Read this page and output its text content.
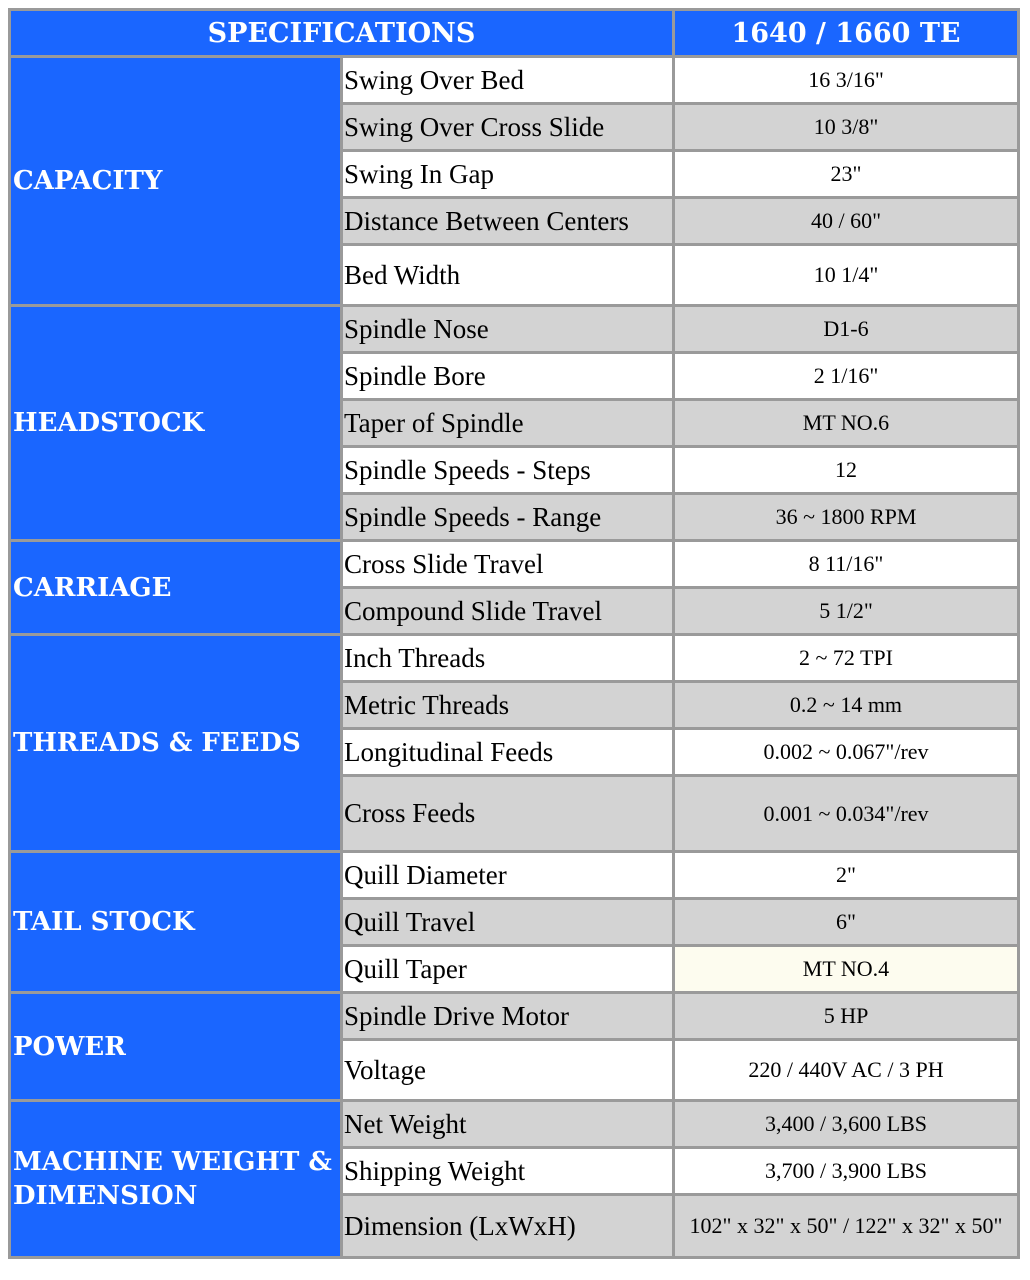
SPECIFICATIONS		1640 / 1660 TE
CAPACITY	Swing Over Bed	16 3/16"
	Swing Over Cross Slide	10 3/8"
	Swing In Gap	23"
	Distance Between Centers	40 / 60"
	Bed Width	10 1/4"
HEADSTOCK	Spindle Nose	D1-6
	Spindle Bore	2 1/16"
	Taper of Spindle	MT NO.6
	Spindle Speeds - Steps	12
	Spindle Speeds - Range	36 ~ 1800 RPM
CARRIAGE	Cross Slide Travel	8 11/16"
	Compound Slide Travel	5 1/2"
THREADS & FEEDS	Inch Threads	2 ~ 72 TPI
	Metric Threads	0.2 ~ 14 mm
	Longitudinal Feeds	0.002 ~ 0.067"/rev
	Cross Feeds	0.001 ~ 0.034"/rev
TAIL STOCK	Quill Diameter	2"
	Quill Travel	6"
	Quill Taper	MT NO.4
POWER	Spindle Drive Motor	5 HP
	Voltage	220 / 440V AC / 3 PH
MACHINE WEIGHT & DIMENSION	Net Weight	3,400 / 3,600 LBS
	Shipping Weight	3,700 / 3,900 LBS
	Dimension (LxWxH)	102" x 32" x 50" / 122" x 32" x 50"
